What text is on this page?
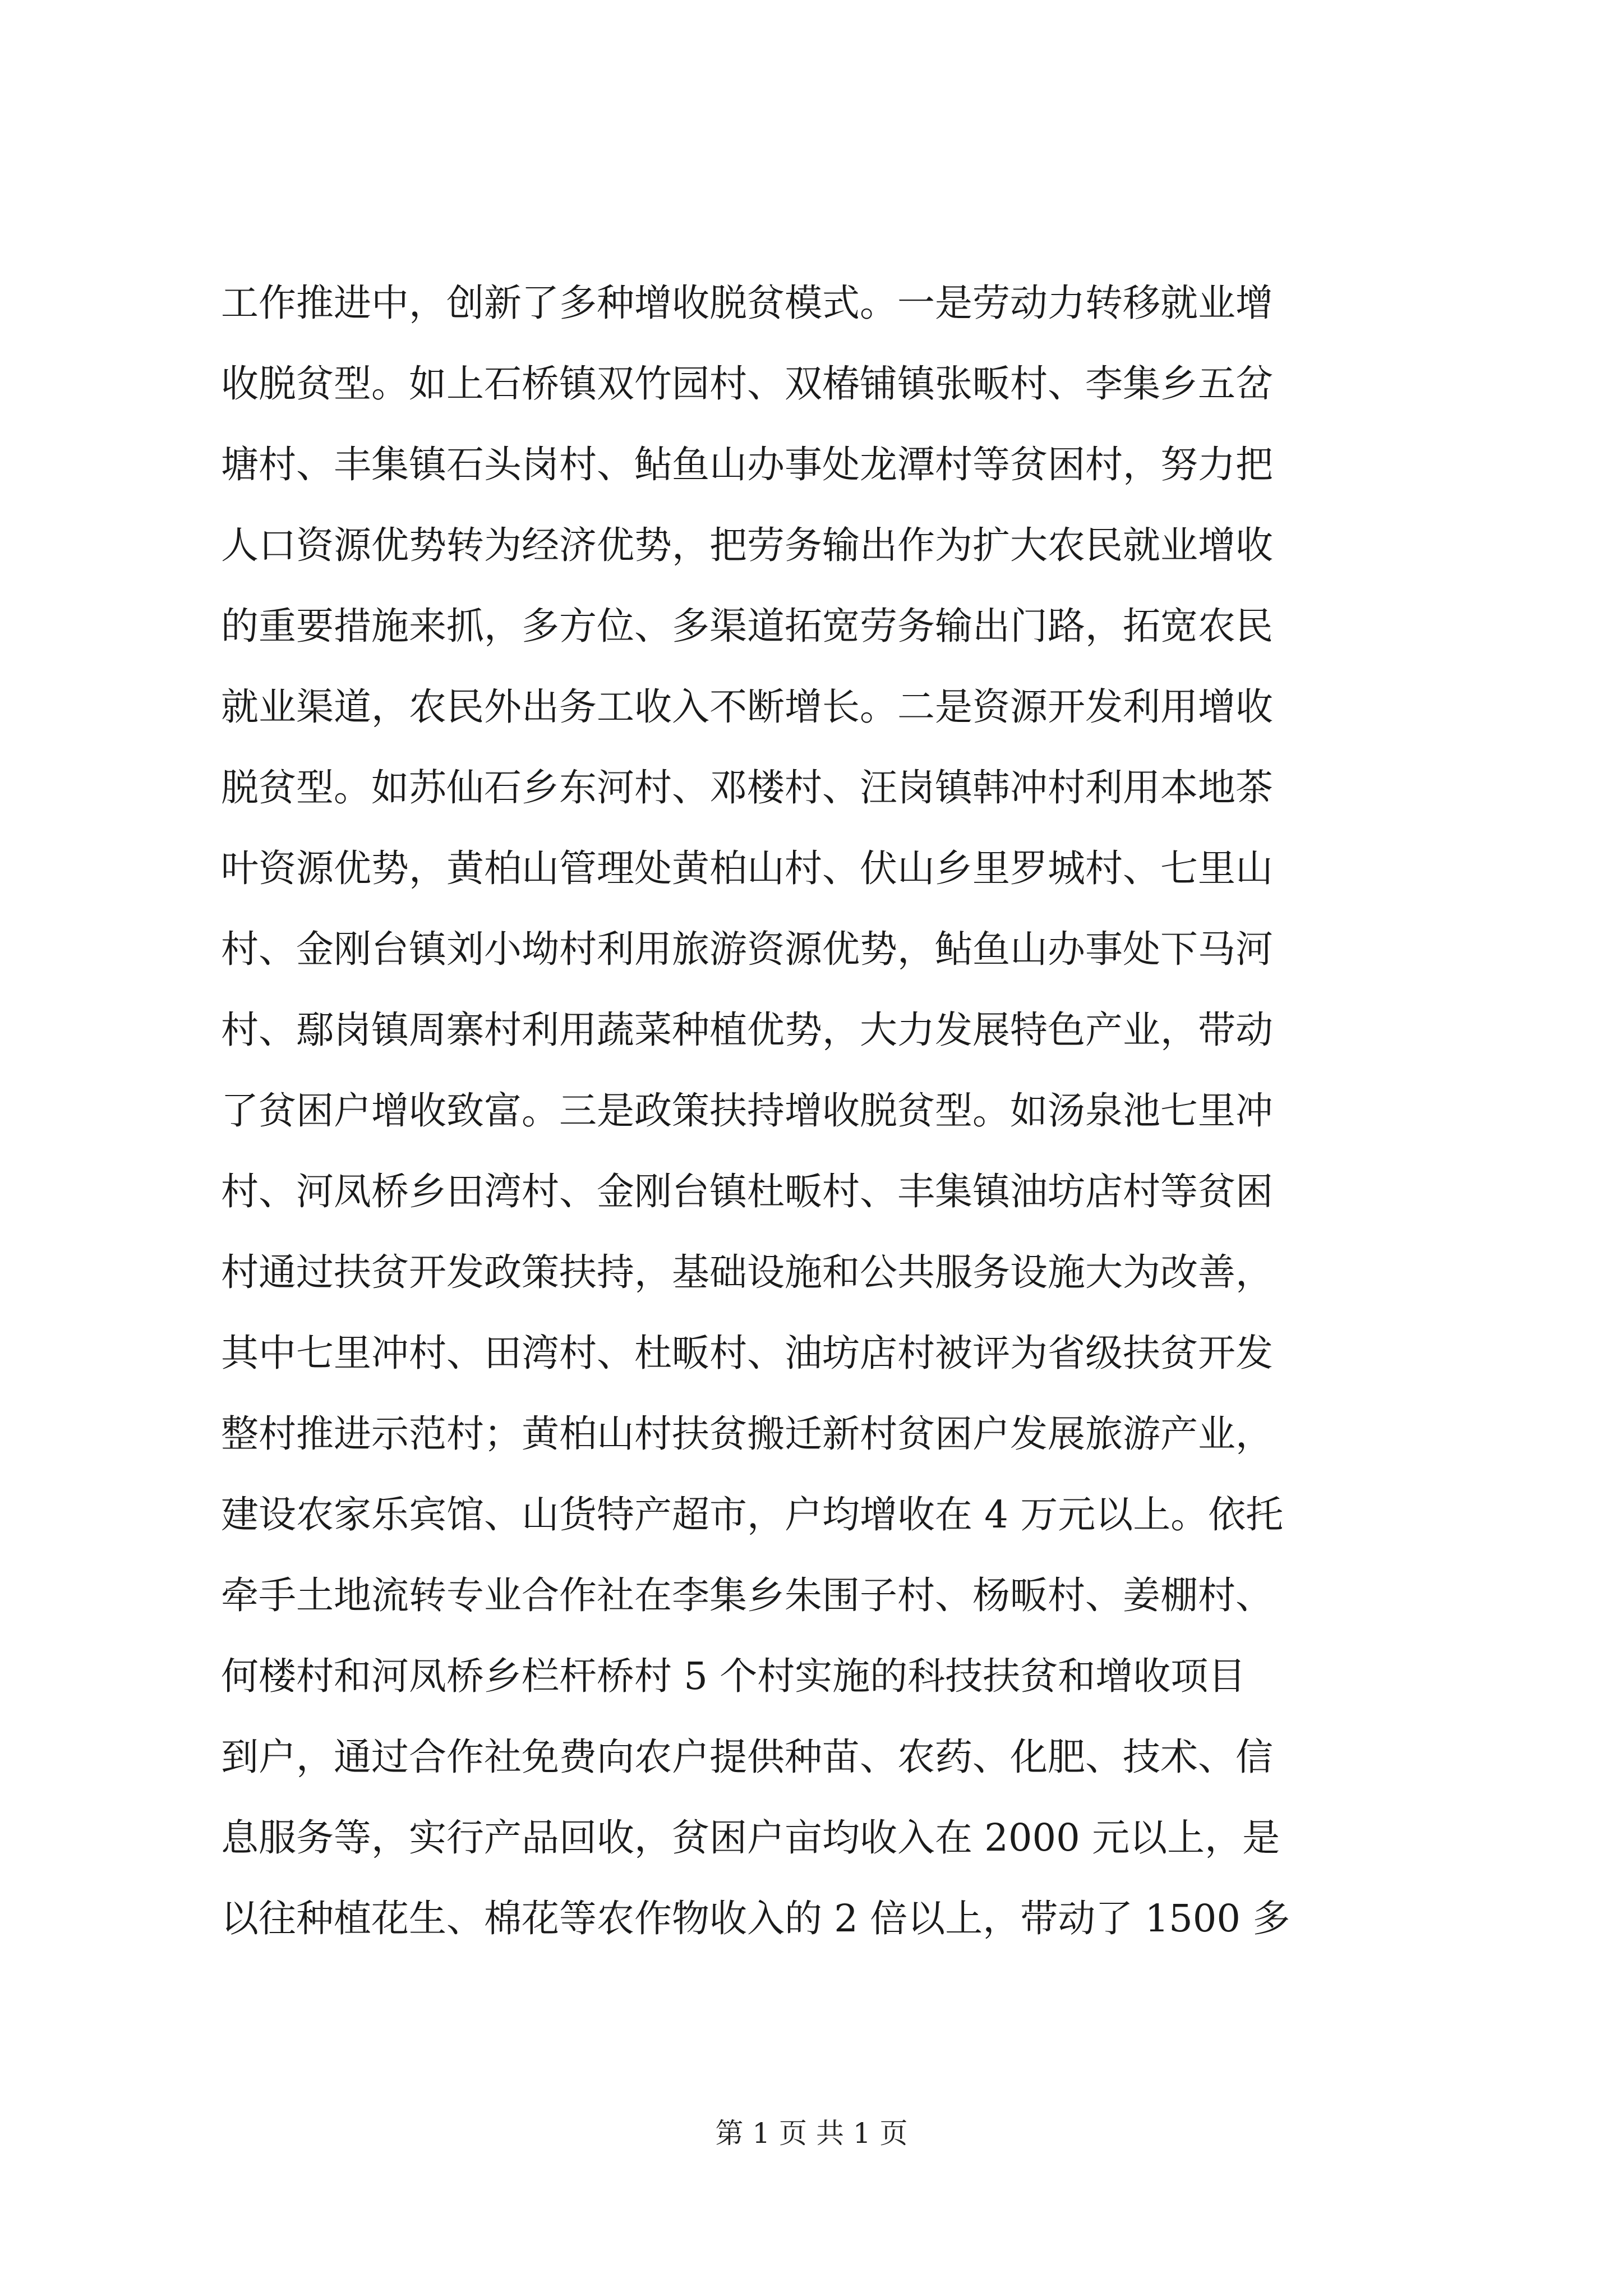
工作推进中，创新了多种增收脱贫模式。一是劳动力转移就业增
收脱贫型。如上石桥镇双竹园村、双椿铺镇张畈村、李集乡五岔
塘村、丰集镇石头岗村、鲇鱼山办事处龙潭村等贫困村，努力把
人口资源优势转为经济优势，把劳务输出作为扩大农民就业增收
的重要措施来抓，多方位、多渠道拓宽劳务输出门路，拓宽农民
就业渠道，农民外出务工收入不断增长。二是资源开发利用增收
脱贫型。如苏仙石乡东河村、邓楼村、汪岗镇韩冲村利用本地茶
叶资源优势，黄柏山管理处黄柏山村、伏山乡里罗城村、七里山
村、金刚台镇刘小坳村利用旅游资源优势，鲇鱼山办事处下马河
村、鄢岗镇周寨村利用蔬菜种植优势，大力发展特色产业，带动
了贫困户增收致富。三是政策扶持增收脱贫型。如汤泉池七里冲
村、河凤桥乡田湾村、金刚台镇杜畈村、丰集镇油坊店村等贫困
村通过扶贫开发政策扶持，基础设施和公共服务设施大为改善，
其中七里冲村、田湾村、杜畈村、油坊店村被评为省级扶贫开发
整村推进示范村；黄柏山村扶贫搬迁新村贫困户发展旅游产业，
建设农家乐宾馆、山货特产超市，户均增收在 4 万元以上。依托
牵手土地流转专业合作社在李集乡朱围子村、杨畈村、姜棚村、
何楼村和河凤桥乡栏杆桥村 5 个村实施的科技扶贫和增收项目
到户，通过合作社免费向农户提供种苗、农药、化肥、技术、信
息服务等，实行产品回收，贫困户亩均收入在 2000 元以上，是
以往种植花生、棉花等农作物收入的 2 倍以上，带动了 1500 多
第 1 页 共 1 页
